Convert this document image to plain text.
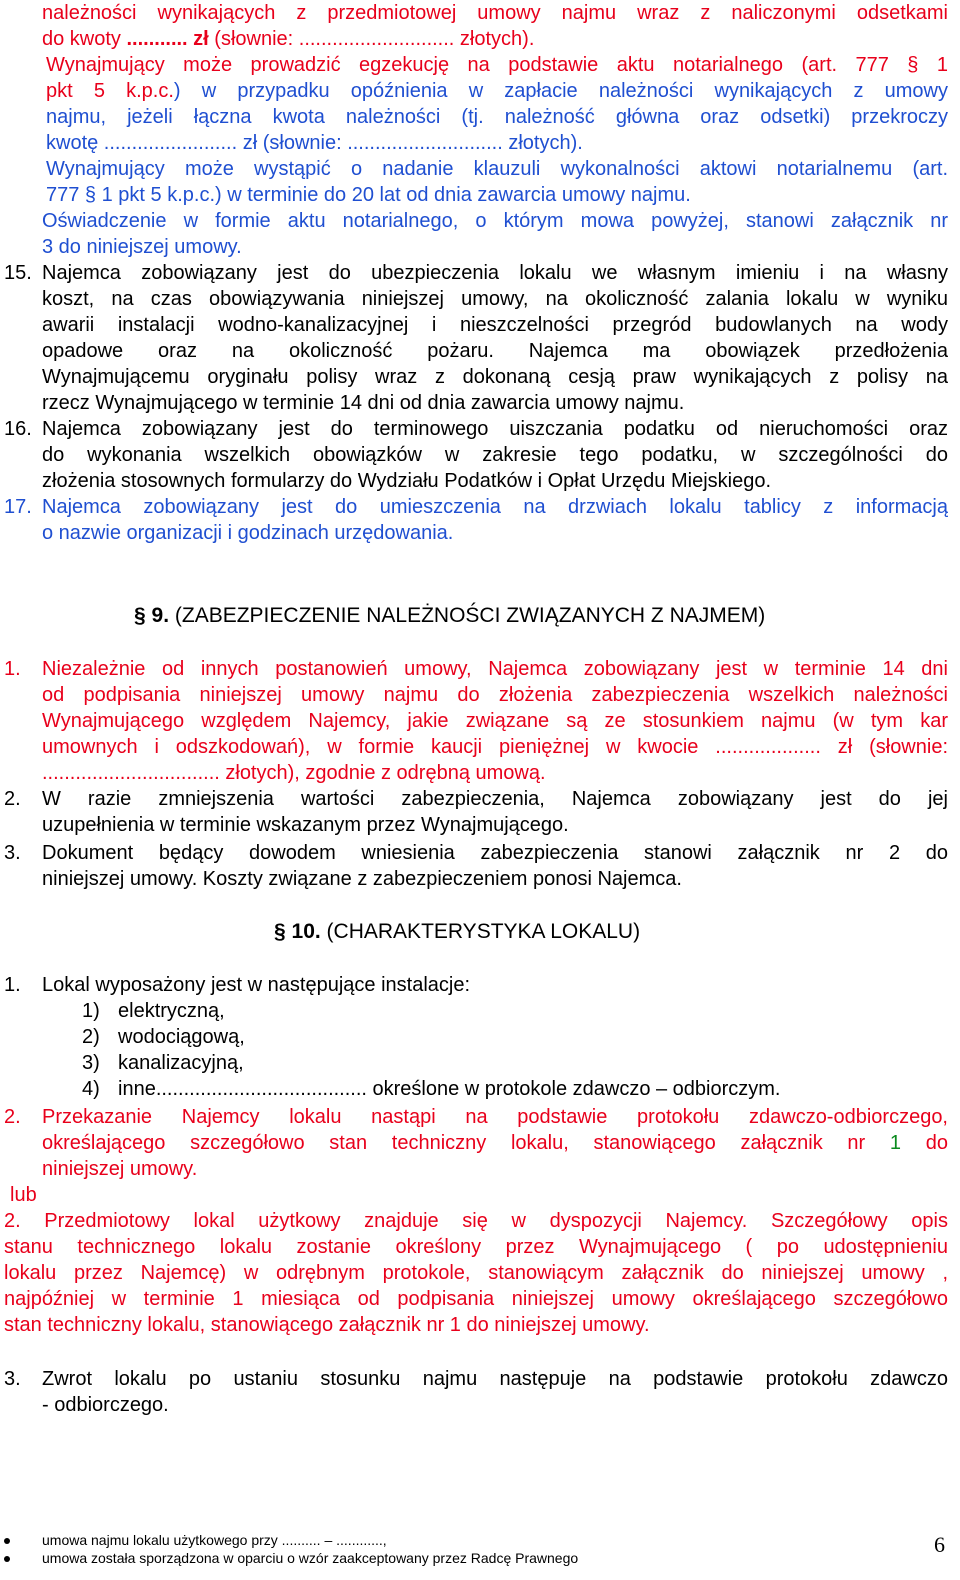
należności wynikających z przedmiotowej umowy najmu wraz z naliczonymi odsetkami
do kwoty ........... zł (słownie: ............................ złotych).
Wynajmujący może prowadzić egzekucję na podstawie aktu notarialnego (art. 777 § 1
pkt 5 k.p.c.) w przypadku opóźnienia w zapłacie należności wynikających z umowy
najmu, jeżeli łączna kwota należności (tj. należność główna oraz odsetki) przekroczy
kwotę ........................ zł (słownie: ............................ złotych).
Wynajmujący może wystąpić o nadanie klauzuli wykonalności aktowi notarialnemu (art.
777 § 1 pkt 5 k.p.c.) w terminie do 20 lat od dnia zawarcia umowy najmu.
Oświadczenie w formie aktu notarialnego, o którym mowa powyżej, stanowi załącznik nr
3 do niniejszej umowy.
15. Najemca zobowiązany jest do ubezpieczenia lokalu we własnym imieniu i na własny
koszt, na czas obowiązywania niniejszej umowy, na okoliczność zalania lokalu w wyniku
awarii instalacji wodno-kanalizacyjnej i nieszczelności przegród budowlanych na wody
opadowe oraz na okoliczność pożaru. Najemca ma obowiązek przedłożenia
Wynajmującemu oryginału polisy wraz z dokonaną cesją praw wynikających z polisy na
rzecz Wynajmującego w terminie 14 dni od dnia zawarcia umowy najmu.
16. Najemca zobowiązany jest do terminowego uiszczania podatku od nieruchomości oraz
do wykonania wszelkich obowiązków w zakresie tego podatku, w szczególności do
złożenia stosownych formularzy do Wydziału Podatków i Opłat Urzędu Miejskiego.
17. Najemca zobowiązany jest do umieszczenia na drzwiach lokalu tablicy z informacją
o nazwie organizacji i godzinach urzędowania.
§ 9. (ZABEZPIECZENIE NALEŻNOŚCI ZWIĄZANYCH Z NAJMEM)
1. Niezależnie od innych postanowień umowy, Najemca zobowiązany jest w terminie 14 dni
od podpisania niniejszej umowy najmu do złożenia zabezpieczenia wszelkich należności
Wynajmującego względem Najemcy, jakie związane są ze stosunkiem najmu (w tym kar
umownych i odszkodowań), w formie kaucji pieniężnej w kwocie ................... zł (słownie:
................................ złotych), zgodnie z odrębną umową.
2. W razie zmniejszenia wartości zabezpieczenia, Najemca zobowiązany jest do jej
uzupełnienia w terminie wskazanym przez Wynajmującego.
3. Dokument będący dowodem wniesienia zabezpieczenia stanowi załącznik nr 2 do
niniejszej umowy. Koszty związane z zabezpieczeniem ponosi Najemca.
§ 10. (CHARAKTERYSTYKA LOKALU)
1. Lokal wyposażony jest w następujące instalacje:
1) elektryczną,
2) wodociągową,
3) kanalizacyjną,
4) inne...................................... określone w protokole zdawczo – odbiorczym.
2. Przekazanie Najemcy lokalu nastąpi na podstawie protokołu zdawczo-odbiorczego,
określającego szczegółowo stan techniczny lokalu, stanowiącego załącznik nr 1 do
niniejszej umowy.
lub
2. Przedmiotowy lokal użytkowy znajduje się w dyspozycji Najemcy. Szczegółowy opis
stanu technicznego lokalu zostanie określony przez Wynajmującego ( po udostępnieniu
lokalu przez Najemcę) w odrębnym protokole, stanowiącym załącznik do niniejszej umowy ,
najpóźniej w terminie 1 miesiąca od podpisania niniejszej umowy określającego szczegółowo
stan techniczny lokalu, stanowiącego załącznik nr 1 do niniejszej umowy.
3. Zwrot lokalu po ustaniu stosunku najmu następuje na podstawie protokołu zdawczo
- odbiorczego.
umowa najmu lokalu użytkowego przy .......... – ............,
umowa została sporządzona w oparciu o wzór zaakceptowany przez Radcę Prawnego
6
